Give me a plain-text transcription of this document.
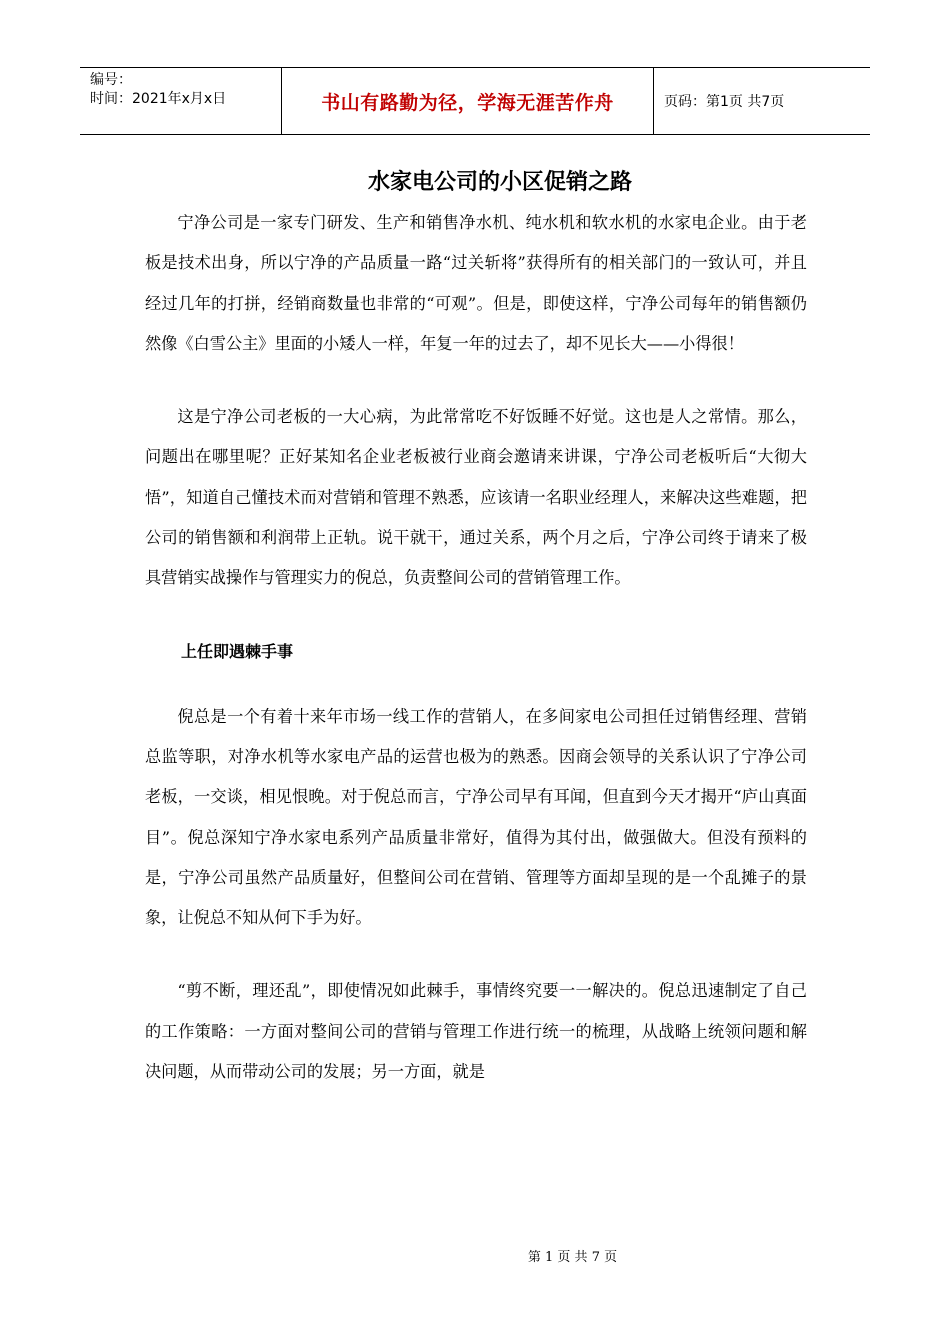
编号：
时间：2021年x月x日	书山有路勤为径，学海无涯苦作舟	页码：第1页 共7页
水家电公司的小区促销之路

宁净公司是一家专门研发、生产和销售净水机、纯水机和软水机的水家电企业。由于老板是技术出身，所以宁净的产品质量一路“过关斩将”获得所有的相关部门的一致认可，并且经过几年的打拼，经销商数量也非常的“可观”。但是，即使这样，宁净公司每年的销售额仍然像《白雪公主》里面的小矮人一样，年复一年的过去了，却不见长大——小得很！

这是宁净公司老板的一大心病，为此常常吃不好饭睡不好觉。这也是人之常情。那么，问题出在哪里呢？正好某知名企业老板被行业商会邀请来讲课，宁净公司老板听后“大彻大悟”，知道自己懂技术而对营销和管理不熟悉，应该请一名职业经理人，来解决这些难题，把公司的销售额和利润带上正轨。说干就干，通过关系，两个月之后，宁净公司终于请来了极具营销实战操作与管理实力的倪总，负责整间公司的营销管理工作。

上任即遇棘手事

倪总是一个有着十来年市场一线工作的营销人，在多间家电公司担任过销售经理、营销总监等职，对净水机等水家电产品的运营也极为的熟悉。因商会领导的关系认识了宁净公司老板，一交谈，相见恨晚。对于倪总而言，宁净公司早有耳闻，但直到今天才揭开“庐山真面目”。倪总深知宁净水家电系列产品质量非常好，值得为其付出，做强做大。但没有预料的是，宁净公司虽然产品质量好，但整间公司在营销、管理等方面却呈现的是一个乱摊子的景象，让倪总不知从何下手为好。

“剪不断，理还乱”，即使情况如此棘手，事情终究要一一解决的。倪总迅速制定了自己的工作策略：一方面对整间公司的营销与管理工作进行统一的梳理，从战略上统领问题和解决问题，从而带动公司的发展；另一方面，就是

第 1 页 共 7 页
